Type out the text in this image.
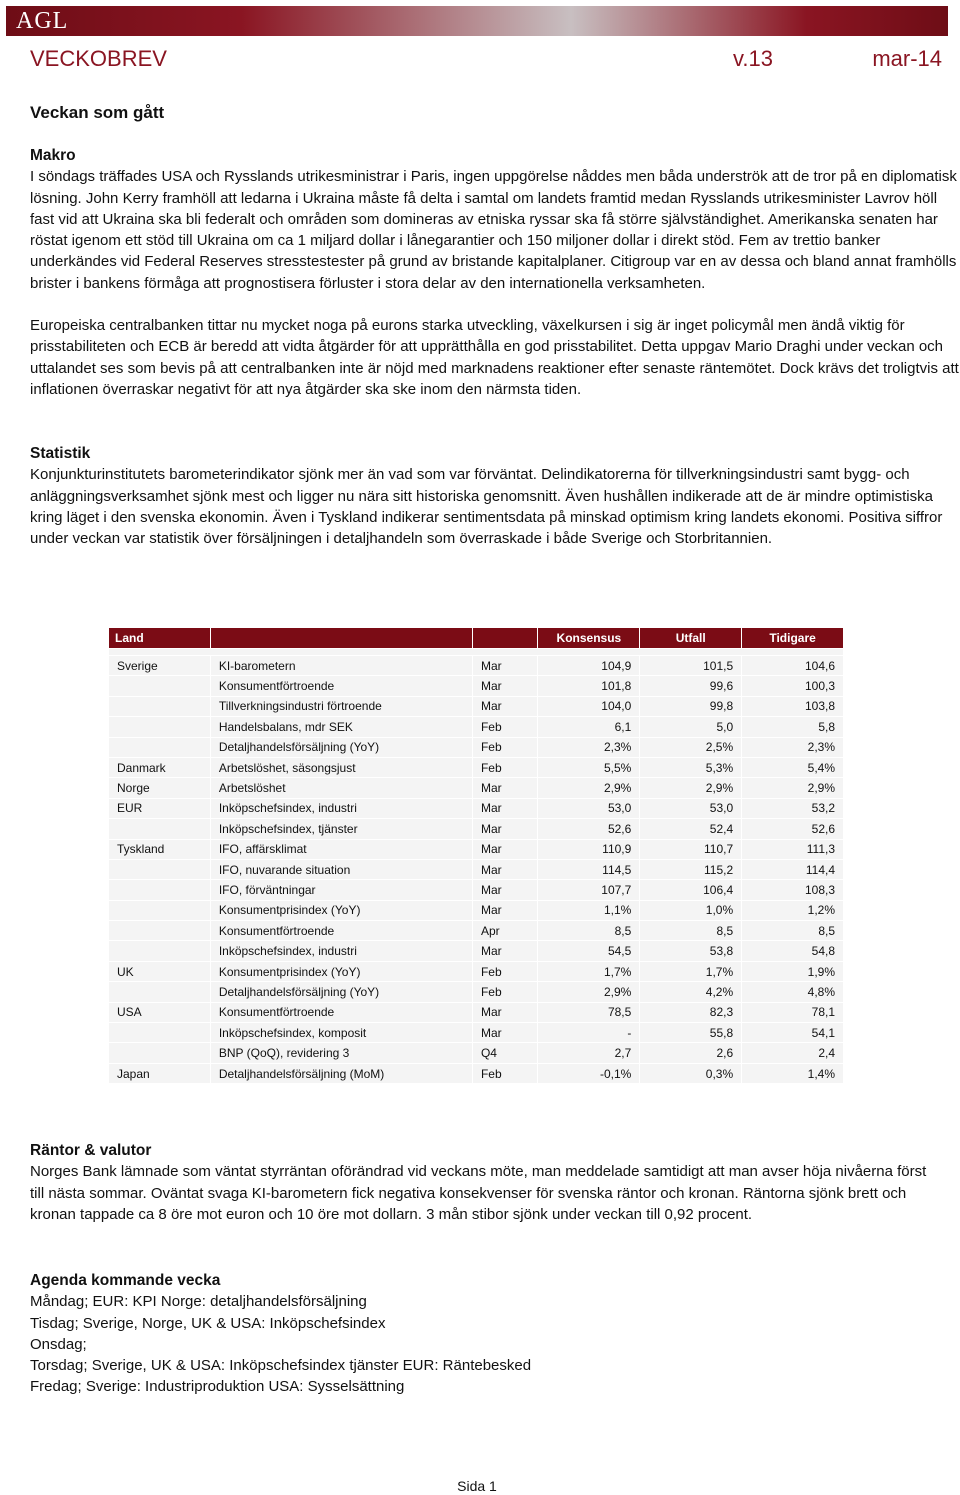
AGL
VECKOBREV	v.13	mar-14
Veckan som gått
Makro

I söndags träffades USA och Rysslands utrikesministrar i Paris, ingen uppgörelse nåddes men båda underströk att de tror på en diplomatisk lösning. John Kerry framhöll att ledarna i Ukraina måste få delta i samtal om landets framtid medan Rysslands utrikesminister Lavrov höll fast vid att Ukraina ska bli federalt och områden som domineras av etniska ryssar ska få större självständighet. Amerikanska senaten har röstat igenom ett stöd till Ukraina om ca 1 miljard dollar i lånegarantier och 150 miljoner dollar i direkt stöd. Fem av trettio banker underkändes vid Federal Reserves stresstestester på grund av bristande kapitalplaner. Citigroup var en av dessa och bland annat framhölls brister i bankens förmåga att prognostisera förluster i stora delar av den internationella verksamheten.

Europeiska centralbanken tittar nu mycket noga på eurons starka utveckling, växelkursen i sig är inget policymål men ändå viktig för prisstabiliteten och ECB är beredd att vidta åtgärder för att upprätthålla en god prisstabilitet. Detta uppgav Mario Draghi under veckan och uttalandet ses som bevis på att centralbanken inte är nöjd med marknadens reaktioner efter senaste räntemötet. Dock krävs det troligtvis att inflationen överraskar negativt för att nya åtgärder ska ske inom den närmsta tiden.

Statistik

Konjunkturinstitutets barometerindikator sjönk mer än vad som var förväntat. Delindikatorerna för tillverkningsindustri samt bygg- och anläggningsverksamhet sjönk mest och ligger nu nära sitt historiska genomsnitt. Även hushållen indikerade att de är mindre optimistiska kring läget i den svenska ekonomin. Även i Tyskland indikerar sentimentsdata på minskad optimism kring landets ekonomi. Positiva siffror under veckan var statistik över försäljningen i detaljhandeln som överraskade i både Sverige och Storbritannien.

Land			Konsensus	Utfall	Tidigare

Sverige	KI-barometern	Mar	104,9	101,5	104,6
	Konsumentförtroende	Mar	101,8	99,6	100,3
	Tillverkningsindustri förtroende	Mar	104,0	99,8	103,8
	Handelsbalans, mdr SEK	Feb	6,1	5,0	5,8
	Detaljhandelsförsäljning (YoY)	Feb	2,3%	2,5%	2,3%
Danmark	Arbetslöshet, säsongsjust	Feb	5,5%	5,3%	5,4%
Norge	Arbetslöshet	Mar	2,9%	2,9%	2,9%
EUR	Inköpschefsindex, industri	Mar	53,0	53,0	53,2
	Inköpschefsindex, tjänster	Mar	52,6	52,4	52,6
Tyskland	IFO, affärsklimat	Mar	110,9	110,7	111,3
	IFO, nuvarande situation	Mar	114,5	115,2	114,4
	IFO, förväntningar	Mar	107,7	106,4	108,3
	Konsumentprisindex (YoY)	Mar	1,1%	1,0%	1,2%
	Konsumentförtroende	Apr	8,5	8,5	8,5
	Inköpschefsindex, industri	Mar	54,5	53,8	54,8
UK	Konsumentprisindex (YoY)	Feb	1,7%	1,7%	1,9%
	Detaljhandelsförsäljning (YoY)	Feb	2,9%	4,2%	4,8%
USA	Konsumentförtroende	Mar	78,5	82,3	78,1
	Inköpschefsindex, komposit	Mar	-	55,8	54,1
	BNP (QoQ), revidering 3	Q4	2,7	2,6	2,4
Japan	Detaljhandelsförsäljning (MoM)	Feb	-0,1%	0,3%	1,4%
Räntor & valutor

Norges Bank lämnade som väntat styrräntan oförändrad vid veckans möte, man meddelade samtidigt att man avser höja nivåerna först till nästa sommar. Oväntat svaga KI-barometern fick negativa konsekvenser för svenska räntor och kronan. Räntorna sjönk brett och kronan tappade ca 8 öre mot euron och 10 öre mot dollarn. 3 mån stibor sjönk under veckan till 0,92 procent.

Agenda kommande vecka
Måndag; EUR: KPI Norge: detaljhandelsförsäljning
Tisdag; Sverige, Norge, UK & USA: Inköpschefsindex
Onsdag;
Torsdag; Sverige, UK & USA: Inköpschefsindex tjänster EUR: Räntebesked
Fredag; Sverige: Industriproduktion USA: Sysselsättning
Sida 1
